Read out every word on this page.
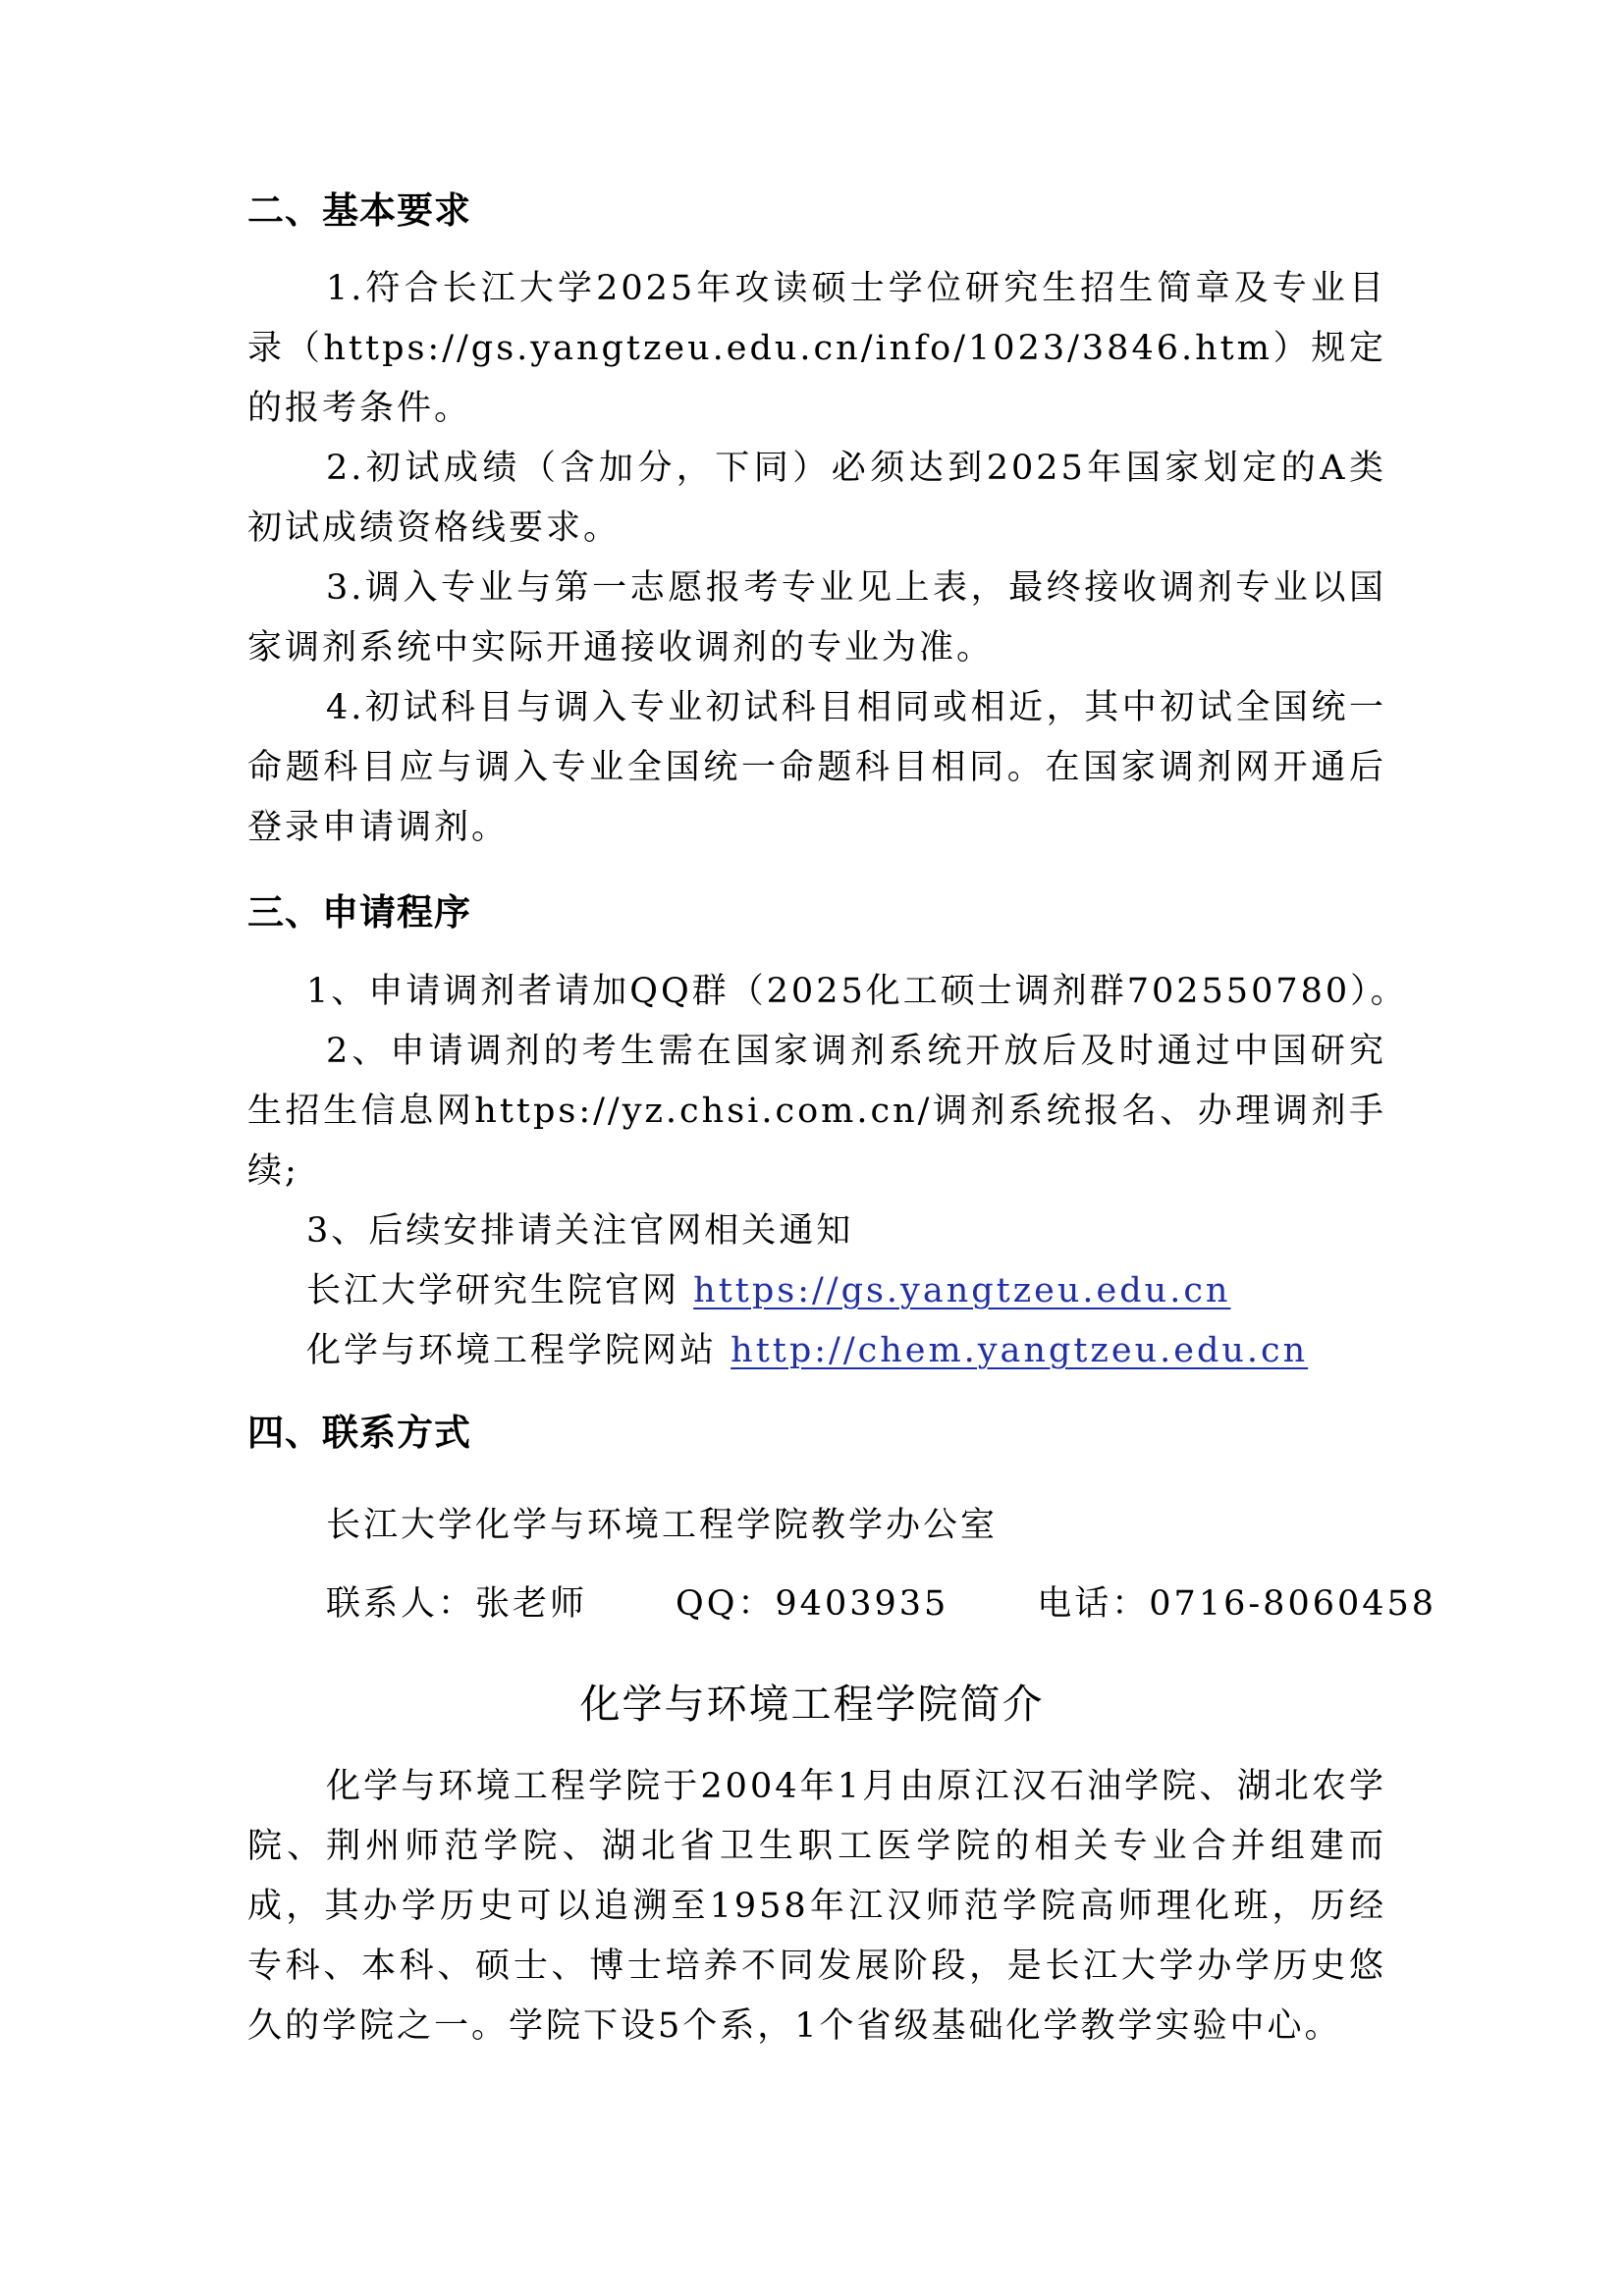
二、基本要求
1.符合长江大学2025年攻读硕士学位研究生招生简章及专业目录（https://gs.yangtzeu.edu.cn/info/1023/3846.htm）规定的报考条件。
2.初试成绩（含加分，下同）必须达到2025年国家划定的A类初试成绩资格线要求。
3.调入专业与第一志愿报考专业见上表，最终接收调剂专业以国家调剂系统中实际开通接收调剂的专业为准。
4.初试科目与调入专业初试科目相同或相近，其中初试全国统一命题科目应与调入专业全国统一命题科目相同。在国家调剂网开通后登录申请调剂。
三、申请程序
1、申请调剂者请加QQ群（2025化工硕士调剂群702550780）。
2、申请调剂的考生需在国家调剂系统开放后及时通过中国研究生招生信息网https://yz.chsi.com.cn/调剂系统报名、办理调剂手续;
3、后续安排请关注官网相关通知
长江大学研究生院官网 https://gs.yangtzeu.edu.cn
化学与环境工程学院网站 http://chem.yangtzeu.edu.cn
四、联系方式
长江大学化学与环境工程学院教学办公室
联系人：张老师	QQ：9403935	电话：0716-8060458
化学与环境工程学院简介
化学与环境工程学院于2004年1月由原江汉石油学院、湖北农学院、荆州师范学院、湖北省卫生职工医学院的相关专业合并组建而成，其办学历史可以追溯至1958年江汉师范学院高师理化班，历经专科、本科、硕士、博士培养不同发展阶段，是长江大学办学历史悠久的学院之一。学院下设5个系，1个省级基础化学教学实验中心。
